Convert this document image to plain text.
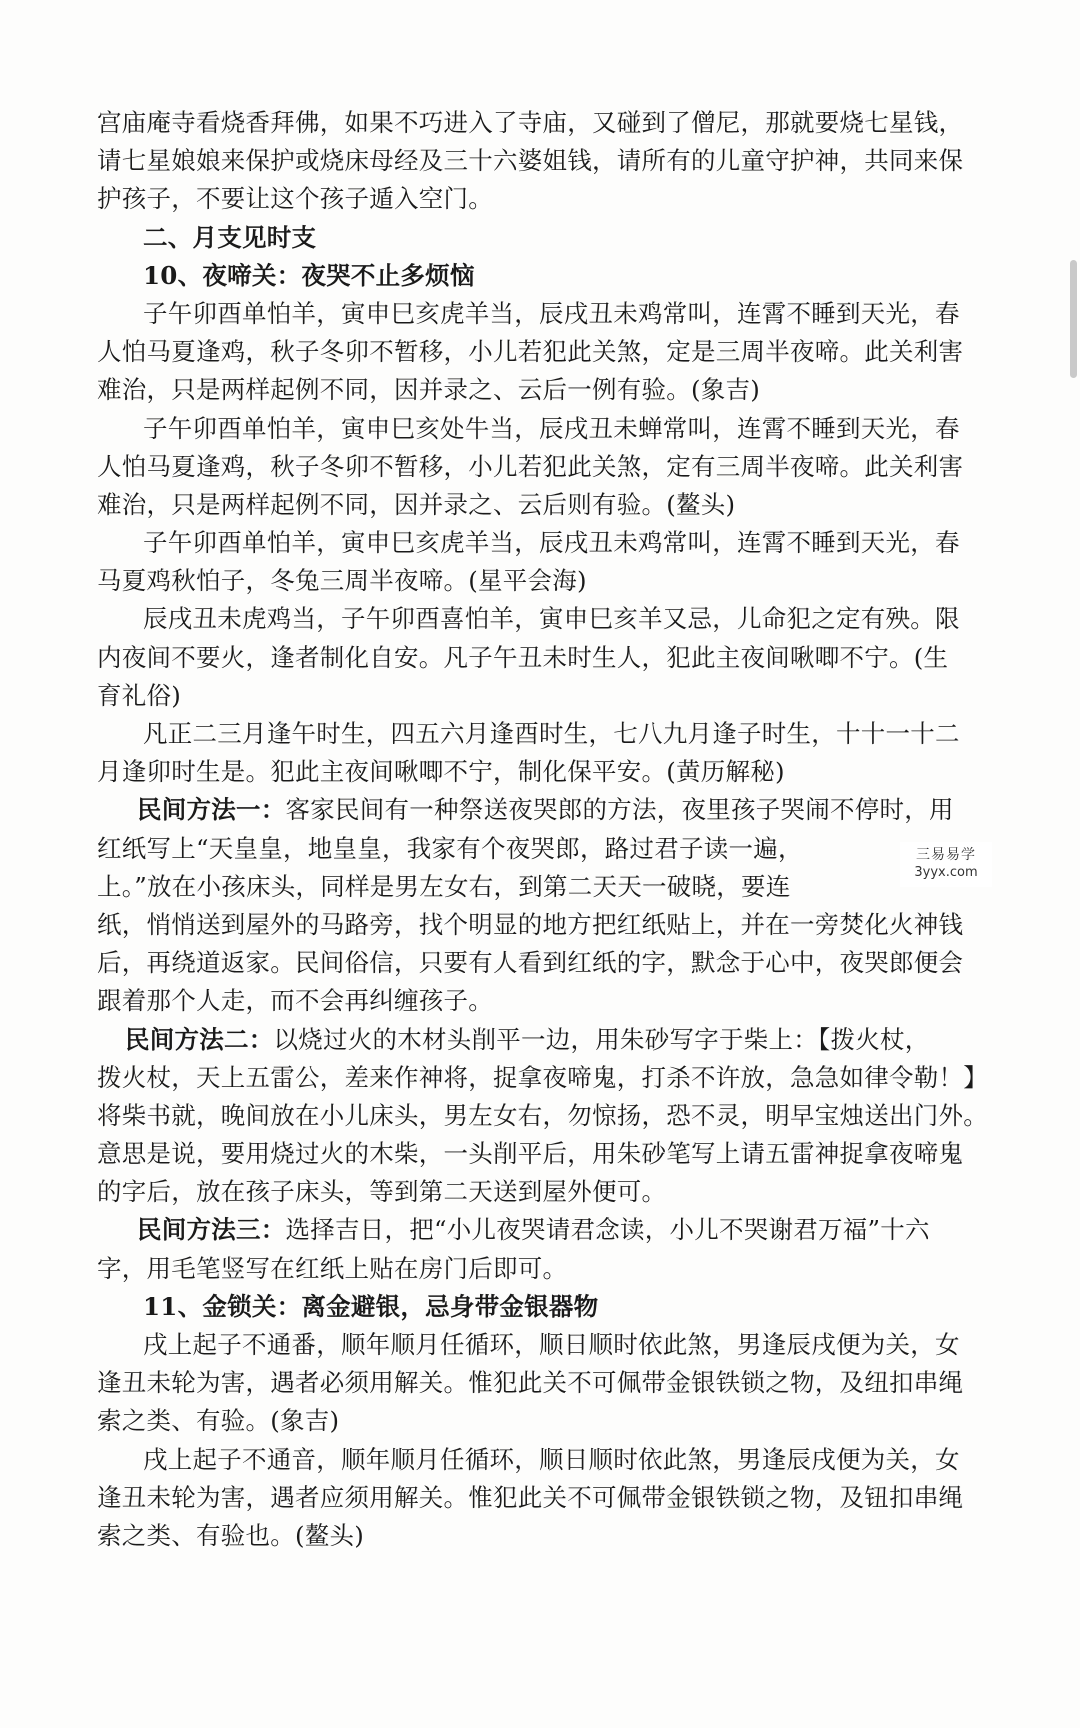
宫庙庵寺看烧香拜佛，如果不巧进入了寺庙，又碰到了僧尼，那就要烧七星钱，
请七星娘娘来保护或烧床母经及三十六婆姐钱，请所有的儿童守护神，共同来保
护孩子，不要让这个孩子遁入空门。
二、月支见时支
10、夜啼关：夜哭不止多烦恼
子午卯酉单怕羊，寅申巳亥虎羊当，辰戌丑未鸡常叫，连霄不睡到天光，春
人怕马夏逢鸡，秋子冬卯不暂移，小儿若犯此关煞，定是三周半夜啼。此关利害
难治，只是两样起例不同，因并录之、云后一例有验。(象吉)
子午卯酉单怕羊，寅申巳亥处牛当，辰戌丑未蝉常叫，连霄不睡到天光，春
人怕马夏逢鸡，秋子冬卯不暂移，小儿若犯此关煞，定有三周半夜啼。此关利害
难治，只是两样起例不同，因并录之、云后则有验。(鳌头)
子午卯酉单怕羊，寅申巳亥虎羊当，辰戌丑未鸡常叫，连霄不睡到天光，春
马夏鸡秋怕子，冬兔三周半夜啼。(星平会海)
辰戌丑未虎鸡当，子午卯酉喜怕羊，寅申巳亥羊又忌，儿命犯之定有殃。限
内夜间不要火，逢者制化自安。凡子午丑未时生人，犯此主夜间啾唧不宁。(生
育礼俗)
凡正二三月逢午时生，四五六月逢酉时生，七八九月逢子时生，十十一十二
月逢卯时生是。犯此主夜间啾唧不宁，制化保平安。(黄历解秘)
民间方法一：客家民间有一种祭送夜哭郎的方法，夜里孩子哭闹不停时，用
红纸写上“天皇皇，地皇皇，我家有个夜哭郎，路过君子读一遍，
上。”放在小孩床头，同样是男左女右，到第二天天一破晓，要连
纸，悄悄送到屋外的马路旁，找个明显的地方把红纸贴上，并在一旁焚化火神钱
后，再绕道返家。民间俗信，只要有人看到红纸的字，默念于心中，夜哭郎便会
跟着那个人走，而不会再纠缠孩子。
民间方法二：以烧过火的木材头削平一边，用朱砂写字于柴上：【拨火杖，
拨火杖，天上五雷公，差来作神将，捉拿夜啼鬼，打杀不许放，急急如律令勒！】
将柴书就，晚间放在小儿床头，男左女右，勿惊扬，恐不灵，明早宝烛送出门外。
意思是说，要用烧过火的木柴，一头削平后，用朱砂笔写上请五雷神捉拿夜啼鬼
的字后，放在孩子床头，等到第二天送到屋外便可。
民间方法三：选择吉日，把“小儿夜哭请君念读，小儿不哭谢君万福”十六
字，用毛笔竖写在红纸上贴在房门后即可。
11、金锁关：离金避银，忌身带金银器物
戌上起子不通番，顺年顺月任循环，顺日顺时依此煞，男逢辰戌便为关，女
逢丑未轮为害，遇者必须用解关。惟犯此关不可佩带金银铁锁之物，及纽扣串绳
索之类、有验。(象吉)
戌上起子不通音，顺年顺月任循环，顺日顺时依此煞，男逢辰戌便为关，女
逢丑未轮为害，遇者应须用解关。惟犯此关不可佩带金银铁锁之物，及钮扣串绳
索之类、有验也。(鳌头)
三易易学
3yyx.com
